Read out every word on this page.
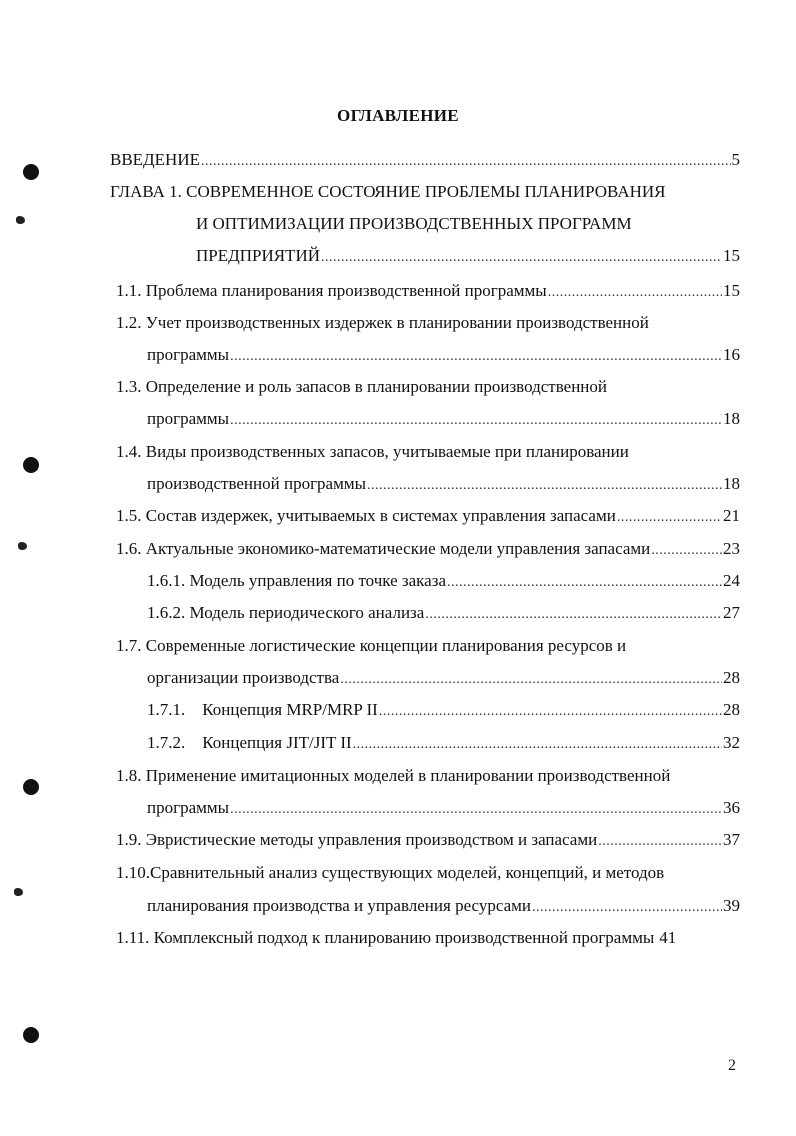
ОГЛАВЛЕНИЕ
ВВЕДЕНИЕ .....	5
ГЛАВА 1. СОВРЕМЕННОЕ СОСТОЯНИЕ ПРОБЛЕМЫ ПЛАНИРОВАНИЯ
И ОПТИМИЗАЦИИ ПРОИЗВОДСТВЕННЫХ ПРОГРАММ
ПРЕДПРИЯТИЙ .....	15
1.1. Проблема планирования производственной программы .....	15
1.2. Учет производственных издержек в планировании производственной
программы .....	16
1.3. Определение и роль запасов в планировании производственной
программы .....	18
1.4. Виды производственных запасов, учитываемые при планировании
производственной программы .....	18
1.5. Состав издержек, учитываемых в системах управления запасами .....	21
1.6. Актуальные экономико-математические модели управления запасами .....	23
1.6.1. Модель управления по точке заказа .....	24
1.6.2. Модель периодического анализа .....	27
1.7. Современные логистические концепции планирования ресурсов и
организации производства .....	28
1.7.1.    Концепция MRP/MRP II .....	28
1.7.2.    Концепция JIT/JIT II .....	32
1.8. Применение имитационных моделей в планировании производственной
программы .....	36
1.9. Эвристические методы управления производством и запасами .....	37
1.10.Сравнительный анализ существующих моделей, концепций, и методов
планирования производства и управления ресурсами .....	39
1.11. Комплексный подход к планированию производственной программы 41
2
